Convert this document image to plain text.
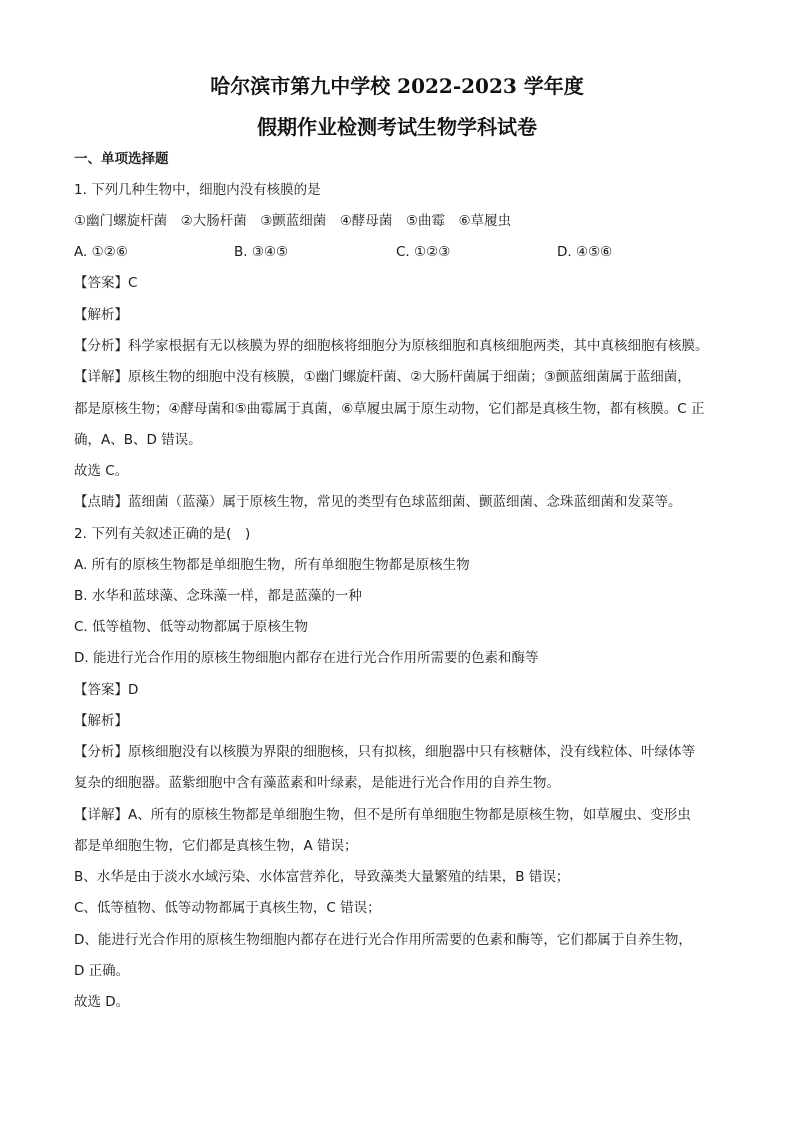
哈尔滨市第九中学校 2022-2023 学年度
假期作业检测考试生物学科试卷
一、单项选择题
1. 下列几种生物中，细胞内没有核膜的是
①幽门螺旋杆菌　②大肠杆菌　③颤蓝细菌　④酵母菌　⑤曲霉　⑥草履虫
A. ①②⑥	B. ③④⑤	C. ①②③	D. ④⑤⑥
【答案】C
【解析】
【分析】科学家根据有无以核膜为界的细胞核将细胞分为原核细胞和真核细胞两类，其中真核细胞有核膜。
【详解】原核生物的细胞中没有核膜，①幽门螺旋杆菌、②大肠杆菌属于细菌；③颤蓝细菌属于蓝细菌，
都是原核生物；④酵母菌和⑤曲霉属于真菌，⑥草履虫属于原生动物，它们都是真核生物，都有核膜。C 正
确，A、B、D 错误。
故选 C。
【点睛】蓝细菌（蓝藻）属于原核生物，常见的类型有色球蓝细菌、颤蓝细菌、念珠蓝细菌和发菜等。
2. 下列有关叙述正确的是(　)
A. 所有的原核生物都是单细胞生物，所有单细胞生物都是原核生物
B. 水华和蓝球藻、念珠藻一样，都是蓝藻的一种
C. 低等植物、低等动物都属于原核生物
D. 能进行光合作用的原核生物细胞内都存在进行光合作用所需要的色素和酶等
【答案】D
【解析】
【分析】原核细胞没有以核膜为界限的细胞核，只有拟核，细胞器中只有核糖体，没有线粒体、叶绿体等
复杂的细胞器。蓝紫细胞中含有藻蓝素和叶绿素，是能进行光合作用的自养生物。
【详解】A、所有的原核生物都是单细胞生物，但不是所有单细胞生物都是原核生物，如草履虫、变形虫
都是单细胞生物，它们都是真核生物，A 错误；
B、水华是由于淡水水域污染、水体富营养化，导致藻类大量繁殖的结果，B 错误；
C、低等植物、低等动物都属于真核生物，C 错误；
D、能进行光合作用的原核生物细胞内都存在进行光合作用所需要的色素和酶等，它们都属于自养生物，
D 正确。
故选 D。
